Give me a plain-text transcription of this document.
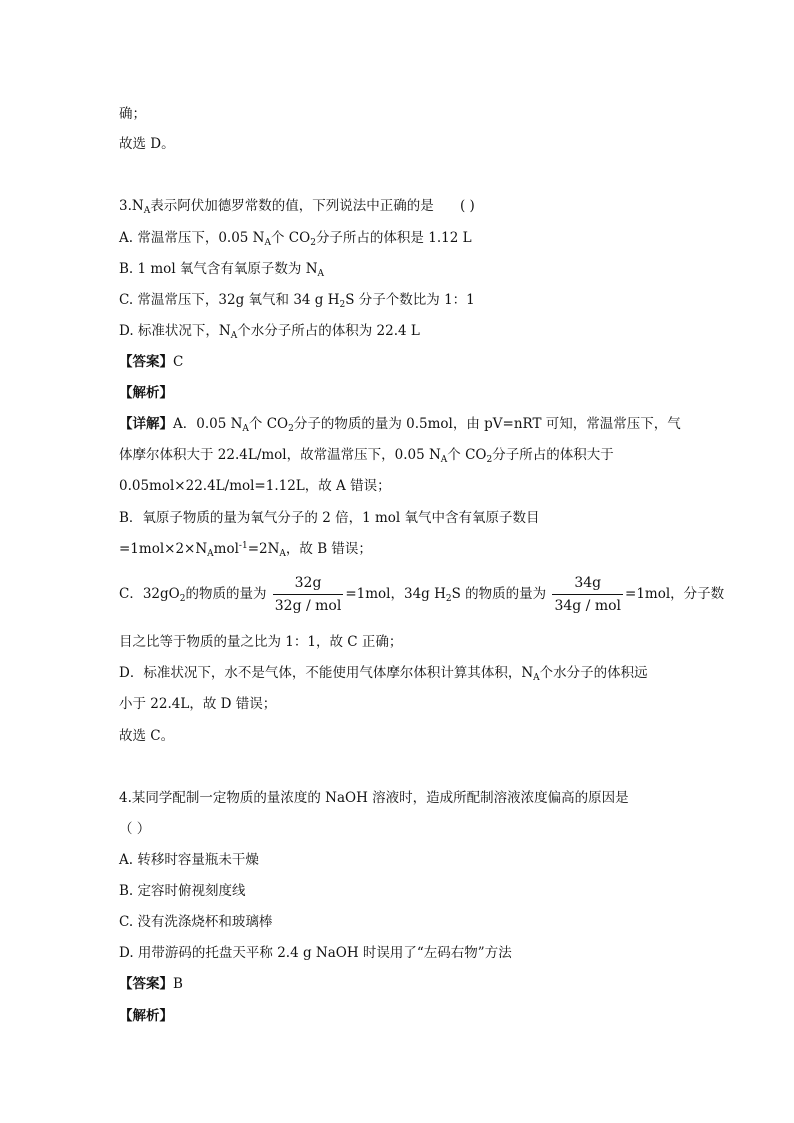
确；
故选 D。
$3.N_A$表示阿伏加德罗常数的值，下列说法中正确的是 ( )
A. 常温常压下，0.05 $N_A$个 $CO_2$分子所占的体积是 1.12 L
B. 1 mol 氧气含有氧原子数为 $N_A$
C. 常温常压下，32g 氧气和 34 g $H_2S$ 分子个数比为 1：1
D. 标准状况下，$N_A$个水分子所占的体积为 22.4 L
【答案】C
【解析】
【详解】A．0.05 $N_A$个 $CO_2$分子的物质的量为 0.5mol，由 pV=nRT 可知，常温常压下，气
体摩尔体积大于 22.4L/mol，故常温常压下，0.05 $N_A$个 $CO_2$分子所占的体积大于
0.05mol×22.4L/mol=1.12L，故 A 错误；
B．氧原子物质的量为氧气分子的 2 倍，1 mol 氧气中含有氧原子数目
$=1mol\times 2\times N_Amol^{-1}=2N_A$，故 B 错误；
C．$32gO_2$的物质的量为 $\frac{32g}{\text{32g / mol}} =1mol$，34g $H_2S$ 的物质的量为 $\frac{34g}{\text{34g / mol}} =1mol$，分子数
目之比等于物质的量之比为 1：1，故 C 正确；
D．标准状况下，水不是气体，不能使用气体摩尔体积计算其体积，$N_A$个水分子的体积远
小于 22.4L，故 D 错误；
故选 C。
4.某同学配制一定物质的量浓度的 NaOH 溶液时，造成所配制溶液浓度偏高的原因是
（ ）
A. 转移时容量瓶未干燥
B. 定容时俯视刻度线
C. 没有洗涤烧杯和玻璃棒
D. 用带游码的托盘天平称 2.4 g NaOH 时误用了“左码右物”方法
【答案】B
【解析】
